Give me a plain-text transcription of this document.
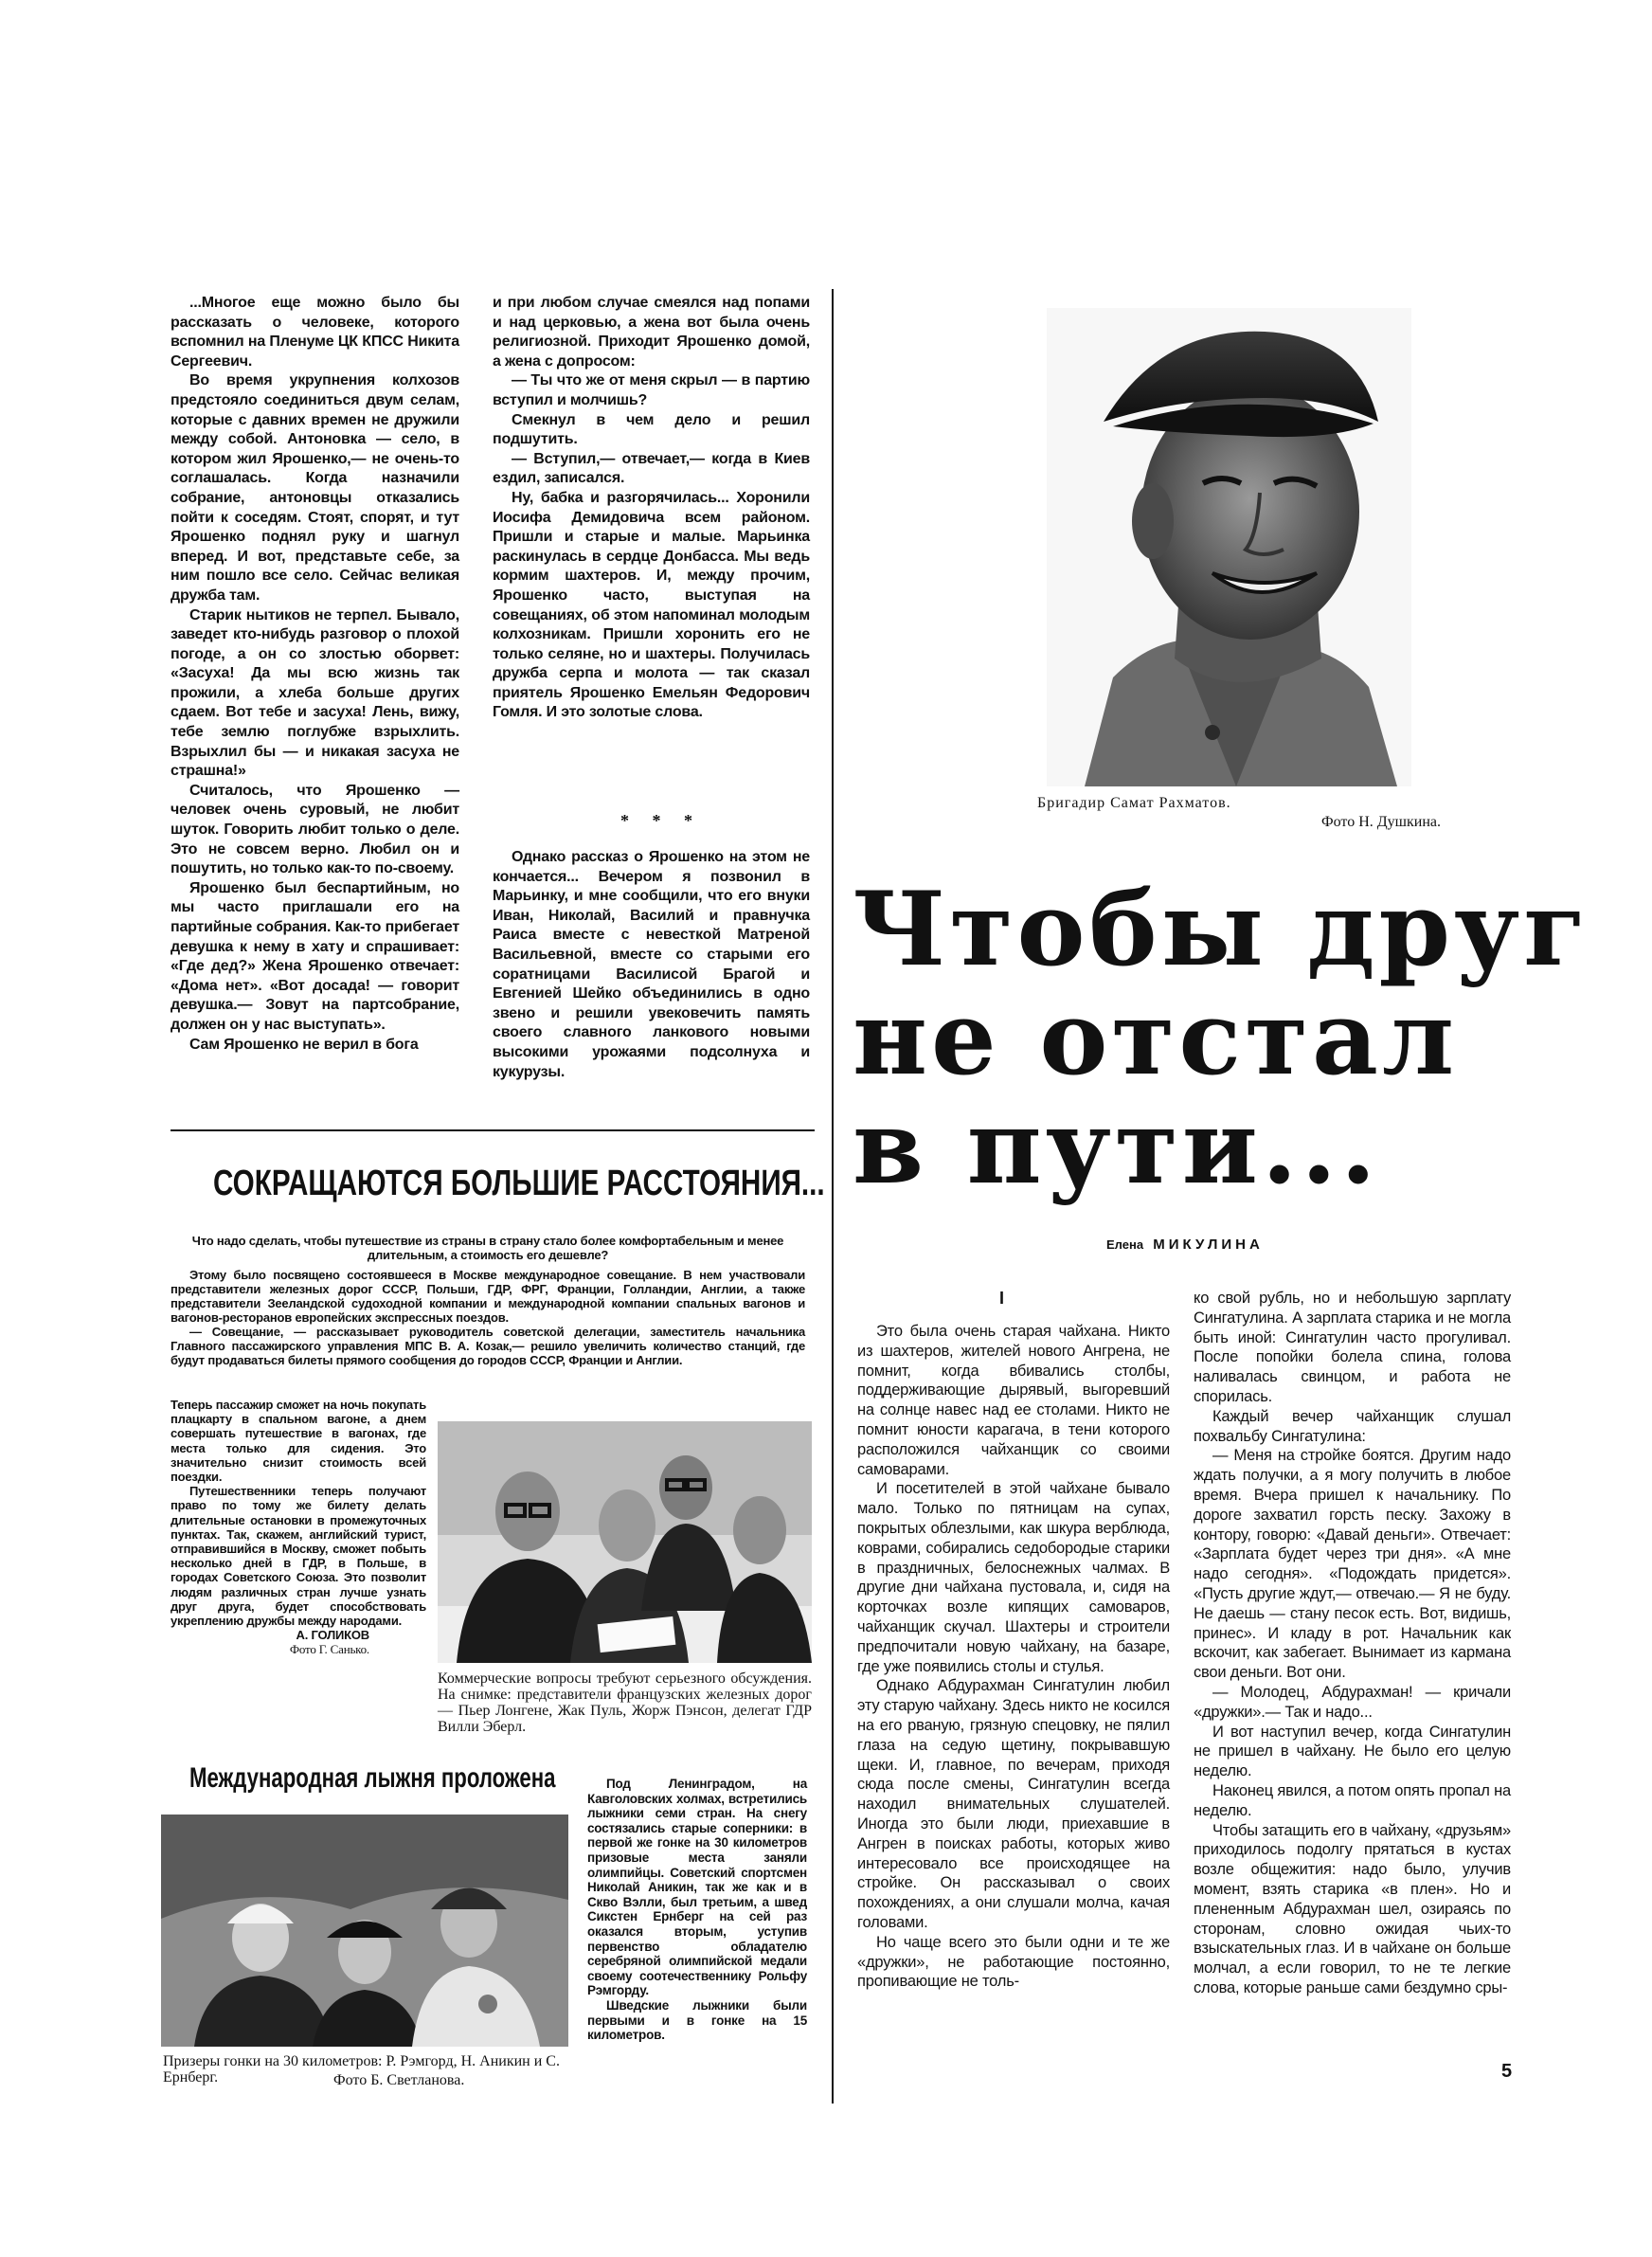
...Многое еще можно было бы рассказать о человеке, которого вспомнил на Пленуме ЦК КПСС Никита Сергеевич.

Во время укрупнения колхозов предстояло соединиться двум селам, которые с давних времен не дружили между собой. Антоновка — село, в котором жил Ярошенко,— не очень-то соглашалась. Когда назначили собрание, антоновцы отказались пойти к соседям. Стоят, спорят, и тут Ярошенко поднял руку и шагнул вперед. И вот, представьте себе, за ним пошло все село. Сейчас великая дружба там.

Старик нытиков не терпел. Бывало, заведет кто-нибудь разговор о плохой погоде, а он со злостью оборвет: «Засуха! Да мы всю жизнь так прожили, а хлеба больше других сдаем. Вот тебе и засуха! Лень, вижу, тебе землю поглубже взрыхлить. Взрыхлил бы — и никакая засуха не страшна!»

Считалось, что Ярошенко — человек очень суровый, не любит шуток. Говорить любит только о деле. Это не совсем верно. Любил он и пошутить, но только как-то по-своему.

Ярошенко был беспартийным, но мы часто приглашали его на партийные собрания. Как-то прибегает девушка к нему в хату и спрашивает: «Где дед?» Жена Ярошенко отвечает: «Дома нет». «Вот досада! — говорит девушка.— Зовут на партсобрание, должен он у нас выступать».

Сам Ярошенко не верил в бога

и при любом случае смеялся над попами и над церковью, а жена вот была очень религиозной. Приходит Ярошенко домой, а жена с допросом:

— Ты что же от меня скрыл — в партию вступил и молчишь?

Смекнул в чем дело и решил подшутить.

— Вступил,— отвечает,— когда в Киев ездил, записался.

Ну, бабка и разгорячилась... Хоронили Иосифа Демидовича всем районом. Пришли и старые и малые. Марьинка раскинулась в сердце Донбасса. Мы ведь кормим шахтеров. И, между прочим, Ярошенко часто, выступая на совещаниях, об этом напоминал молодым колхозникам. Пришли хоронить его не только селяне, но и шахтеры. Получилась дружба серпа и молота — так сказал приятель Ярошенко Емельян Федорович Гомля. И это золотые слова.

* * *

Однако рассказ о Ярошенко на этом не кончается... Вечером я позвонил в Марьинку, и мне сообщили, что его внуки Иван, Николай, Василий и правнучка Раиса вместе с невесткой Матреной Васильевной, вместе со старыми его соратницами Василисой Брагой и Евгенией Шейко объединились в одно звено и решили увековечить память своего славного ланкового новыми высокими урожаями подсолнуха и кукурузы.

Бригадир Самат Рахматов.
Фото Н. Душкина.
Чтобы друг
не отстал
в пути...
Елена МИКУЛИНА
I

Это была очень старая чайхана. Никто из шахтеров, жителей нового Ангрена, не помнит, когда вбивались столбы, поддерживающие дырявый, выгоревший на солнце навес над ее столами. Никто не помнит юности карагача, в тени которого расположился чайханщик со своими самоварами.

И посетителей в этой чайхане бывало мало. Только по пятницам на супах, покрытых облезлыми, как шкура верблюда, коврами, собирались седобородые старики в праздничных, белоснежных чалмах. В другие дни чайхана пустовала, и, сидя на корточках возле кипящих самоваров, чайханщик скучал. Шахтеры и строители предпочитали новую чайхану, на базаре, где уже появились столы и стулья.

Однако Абдурахман Сингатулин любил эту старую чайхану. Здесь никто не косился на его рваную, грязную спецовку, не пялил глаза на седую щетину, покрывавшую щеки. И, главное, по вечерам, приходя сюда после смены, Сингатулин всегда находил внимательных слушателей. Иногда это были люди, приехавшие в Ангрен в поисках работы, которых живо интересовало все происходящее на стройке. Он рассказывал о своих похождениях, а они слушали молча, качая головами.

Но чаще всего это были одни и те же «дружки», не работающие постоянно, пропивающие не толь-

ко свой рубль, но и небольшую зарплату Сингатулина. А зарплата старика и не могла быть иной: Сингатулин часто прогуливал. После попойки болела спина, голова наливалась свинцом, и работа не спорилась.

Каждый вечер чайханщик слушал похвальбу Сингатулина:

— Меня на стройке боятся. Другим надо ждать получки, а я могу получить в любое время. Вчера пришел к начальнику. По дороге захватил горсть песку. Захожу в контору, говорю: «Давай деньги». Отвечает: «Зарплата будет через три дня». «А мне надо сегодня». «Подождать придется». «Пусть другие ждут,— отвечаю.— Я не буду. Не даешь — стану песок есть. Вот, видишь, принес». И кладу в рот. Начальник как вскочит, как забегает. Вынимает из кармана свои деньги. Вот они.

— Молодец, Абдурахман! — кричали «дружки».— Так и надо...

И вот наступил вечер, когда Сингатулин не пришел в чайхану. Не было его целую неделю.

Наконец явился, а потом опять пропал на неделю.

Чтобы затащить его в чайхану, «друзьям» приходилось подолгу прятаться в кустах возле общежития: надо было, улучив момент, взять старика «в плен». Но и плененным Абдурахман шел, озираясь по сторонам, словно ожидая чьих-то взыскательных глаз. И в чайхане он больше молчал, а если говорил, то не те легкие слова, которые раньше сами бездумно сры-

СОКРАЩАЮТСЯ БОЛЬШИЕ РАССТОЯНИЯ...

Что надо сделать, чтобы путешествие из страны в страну стало более комфортабельным и менее длительным, а стоимость его дешевле?

Этому было посвящено состоявшееся в Москве международное совещание. В нем участвовали представители железных дорог СССР, Польши, ГДР, ФРГ, Франции, Голландии, Англии, а также представители Зееландской судоходной компании и международной компании спальных вагонов и вагонов-ресторанов европейских экспрессных поездов.

— Совещание, — рассказывает руководитель советской делегации, заместитель начальника Главного пассажирского управления МПС В. А. Козак,— решило увеличить количество станций, где будут продаваться билеты прямого сообщения до городов СССР, Франции и Англии.

Теперь пассажир сможет на ночь покупать плацкарту в спальном вагоне, а днем совершать путешествие в вагонах, где места только для сидения. Это значительно снизит стоимость всей поездки.

Путешественники теперь получают право по тому же билету делать длительные остановки в промежуточных пунктах. Так, скажем, английский турист, отправившийся в Москву, сможет побыть несколько дней в ГДР, в Польше, в городах Советского Союза. Это позволит людям различных стран лучше узнать друг друга, будет способствовать укреплению дружбы между народами.

А. ГОЛИКОВ

Фото Г. Санько.

Коммерческие вопросы требуют серьезного обсуждения. На снимке: представители французских железных дорог — Пьер Лонгене, Жак Пуль, Жорж Пэнсон, делегат ГДР Вилли Эберл.
Международная лыжня проложена
Призеры гонки на 30 километров: Р. Рэмгорд, Н. Аникин и С. Ернберг.	Фото Б. Светланова.

Под Ленинградом, на Кавголовских холмах, встретились лыжники семи стран. На снегу состязались старые соперники: в первой же гонке на 30 километров призовые места заняли олимпийцы. Советский спортсмен Николай Аникин, так же как и в Скво Вэлли, был третьим, а швед Сикстен Ернберг на сей раз оказался вторым, уступив первенство обладателю серебряной олимпийской медали своему соотечественнику Рольфу Рэмгорду.

Шведские лыжники были первыми и в гонке на 15 километров.

5
